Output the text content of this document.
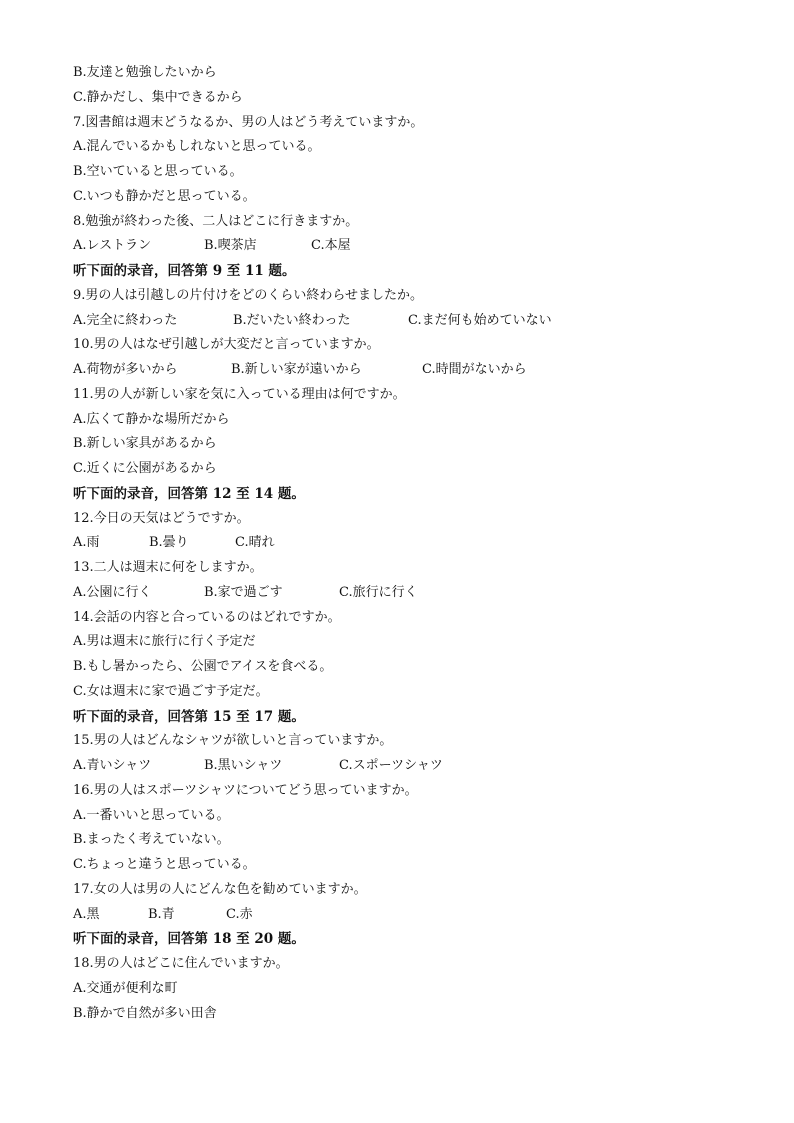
B.友達と勉強したいから
C.静かだし、集中できるから
7.図書館は週末どうなるか、男の人はどう考えていますか。
A.混んでいるかもしれないと思っている。
B.空いていると思っている。
C.いつも静かだと思っている。
8.勉強が終わった後、二人はどこに行きますか。
A.レストラン	B.喫茶店	C.本屋
听下面的录音，回答第 9 至 11 题。
9.男の人は引越しの片付けをどのくらい終わらせましたか。
A.完全に終わった	B.だいたい終わった	C.まだ何も始めていない
10.男の人はなぜ引越しが大変だと言っていますか。
A.荷物が多いから	B.新しい家が遠いから	C.時間がないから
11.男の人が新しい家を気に入っている理由は何ですか。
A.広くて静かな場所だから
B.新しい家具があるから
C.近くに公園があるから
听下面的录音，回答第 12 至 14 题。
12.今日の天気はどうですか。
A.雨	B.曇り	C.晴れ
13.二人は週末に何をしますか。
A.公園に行く	B.家で過ごす	C.旅行に行く
14.会話の内容と合っているのはどれですか。
A.男は週末に旅行に行く予定だ
B.もし暑かったら、公園でアイスを食べる。
C.女は週末に家で過ごす予定だ。
听下面的录音，回答第 15 至 17 题。
15.男の人はどんなシャツが欲しいと言っていますか。
A.青いシャツ	B.黒いシャツ	C.スポーツシャツ
16.男の人はスポーツシャツについてどう思っていますか。
A.一番いいと思っている。
B.まったく考えていない。
C.ちょっと違うと思っている。
17.女の人は男の人にどんな色を勧めていますか。
A.黑	B.青	C.赤
听下面的录音，回答第 18 至 20 题。
18.男の人はどこに住んでいますか。
A.交通が便利な町
B.静かで自然が多い田舎
